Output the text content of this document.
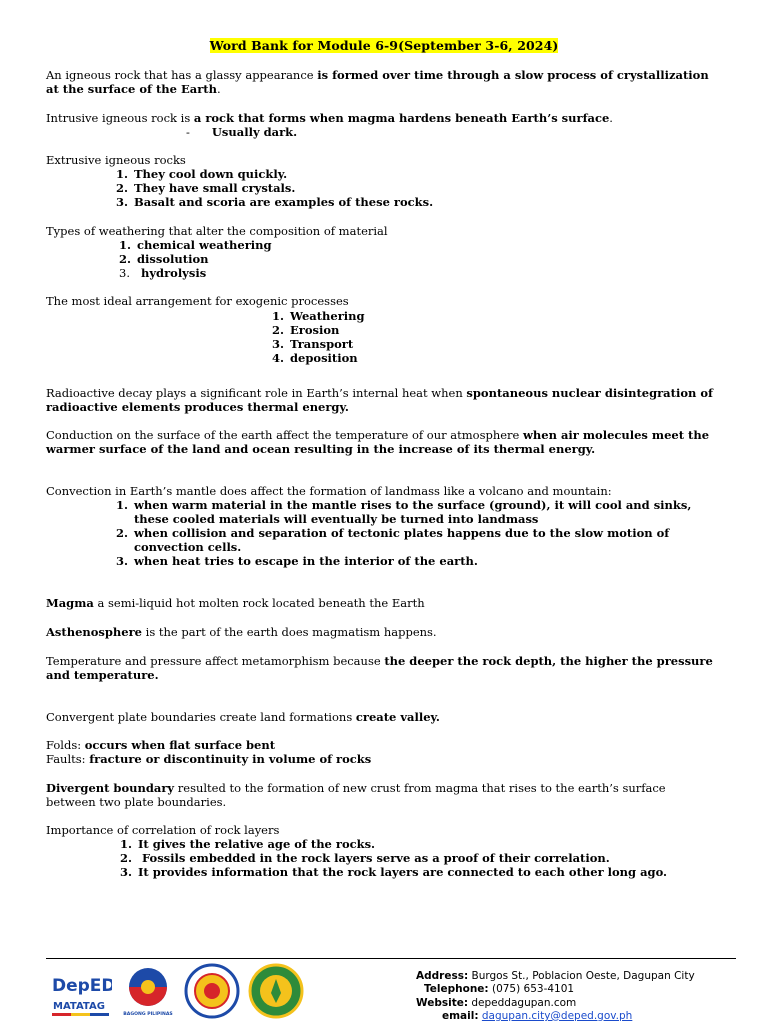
Word Bank for Module 6-9(September 3-6, 2024)
An igneous rock that has a glassy appearance is formed over time through a slow process of crystallization at the surface of the Earth.
Intrusive igneous rock is a rock that forms when magma hardens beneath Earth’s surface.
- Usually dark.
Extrusive igneous rocks
1. They cool down quickly.
2. They have small crystals.
3. Basalt and scoria are examples of these rocks.
Types of weathering that alter the composition of material
1. chemical weathering
2. dissolution
3. hydrolysis
The most ideal arrangement for exogenic processes
1. Weathering
2. Erosion
3. Transport
4. deposition
Radioactive decay plays a significant role in Earth’s internal heat when spontaneous nuclear disintegration of radioactive elements produces thermal energy.
Conduction on the surface of the earth affect the temperature of our atmosphere when air molecules meet the warmer surface of the land and ocean resulting in the increase of its thermal energy.
Convection in Earth’s mantle does affect the formation of landmass like a volcano and mountain:
1. when warm material in the mantle rises to the surface (ground), it will cool and sinks, these cooled materials will eventually be turned into landmass
2. when collision and separation of tectonic plates happens due to the slow motion of convection cells.
3. when heat tries to escape in the interior of the earth.
Magma a semi-liquid hot molten rock located beneath the Earth
Asthenosphere is the part of the earth does magmatism happens.
Temperature and pressure affect metamorphism because the deeper the rock depth, the higher the pressure and temperature.
Convergent plate boundaries create land formations create valley.
Folds: occurs when flat surface bent
Faults: fracture or discontinuity in volume of rocks
Divergent boundary resulted to the formation of new crust from magma that rises to the earth’s surface between two plate boundaries.
Importance of correlation of rock layers
1. It gives the relative age of the rocks.
2. Fossils embedded in the rock layers serve as a proof of their correlation.
3. It provides information that the rock layers are connected to each other long ago.
DepED
MATATAG
BAGONG PILIPINAS
Address: Burgos St., Poblacion Oeste, Dagupan City
Telephone: (075) 653-4101
Website: depeddagupan.com
email: dagupan.city@deped.gov.ph
